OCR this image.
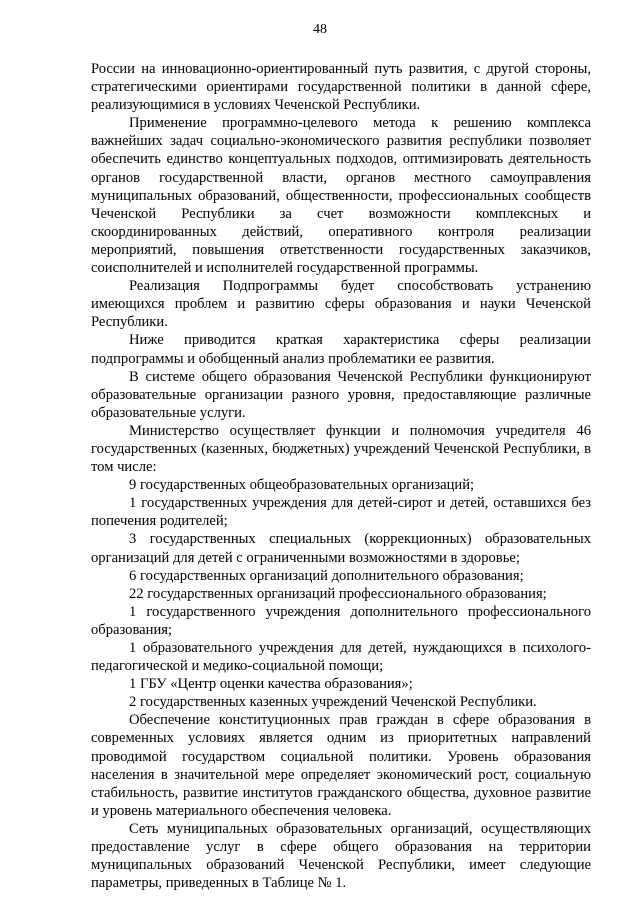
48

России на инновационно-ориентированный путь развития, с другой стороны, стратегическими ориентирами государственной политики в данной сфере, реализующимися в условиях Чеченской Республики.

Применение программно-целевого метода к решению комплекса важнейших задач социально-экономического развития республики позволяет обеспечить единство концептуальных подходов, оптимизировать деятельность органов государственной власти, органов местного самоуправления муниципальных образований, общественности, профессиональных сообществ Чеченской Республики за счет возможности комплексных и скоординированных действий, оперативного контроля реализации мероприятий, повышения ответственности государственных заказчиков, соисполнителей и исполнителей государственной программы.

Реализация Подпрограммы будет способствовать устранению имеющихся проблем и развитию сферы образования и науки Чеченской Республики.

Ниже приводится краткая характеристика сферы реализации подпрограммы и обобщенный анализ проблематики ее развития.

В системе общего образования Чеченской Республики функционируют образовательные организации разного уровня, предоставляющие различные образовательные услуги.

Министерство осуществляет функции и полномочия учредителя 46 государственных (казенных, бюджетных) учреждений Чеченской Республики, в том числе:

9 государственных общеобразовательных организаций;

1 государственных учреждения для детей-сирот и детей, оставшихся без попечения родителей;

3 государственных специальных (коррекционных) образовательных организаций для детей с ограниченными возможностями в здоровье;

6 государственных организаций дополнительного образования;

22 государственных организаций профессионального образования;

1 государственного учреждения дополнительного профессионального образования;

1 образовательного учреждения для детей, нуждающихся в психолого-педагогической и медико-социальной помощи;

1 ГБУ «Центр оценки качества образования»;

2 государственных казенных учреждений Чеченской Республики.

Обеспечение конституционных прав граждан в сфере образования в современных условиях является одним из приоритетных направлений проводимой государством социальной политики. Уровень образования населения в значительной мере определяет экономический рост, социальную стабильность, развитие институтов гражданского общества, духовное развитие и уровень материального обеспечения человека.

Сеть муниципальных образовательных организаций, осуществляющих предоставление услуг в сфере общего образования на территории муниципальных образований Чеченской Республики, имеет следующие параметры, приведенных в Таблице № 1.
